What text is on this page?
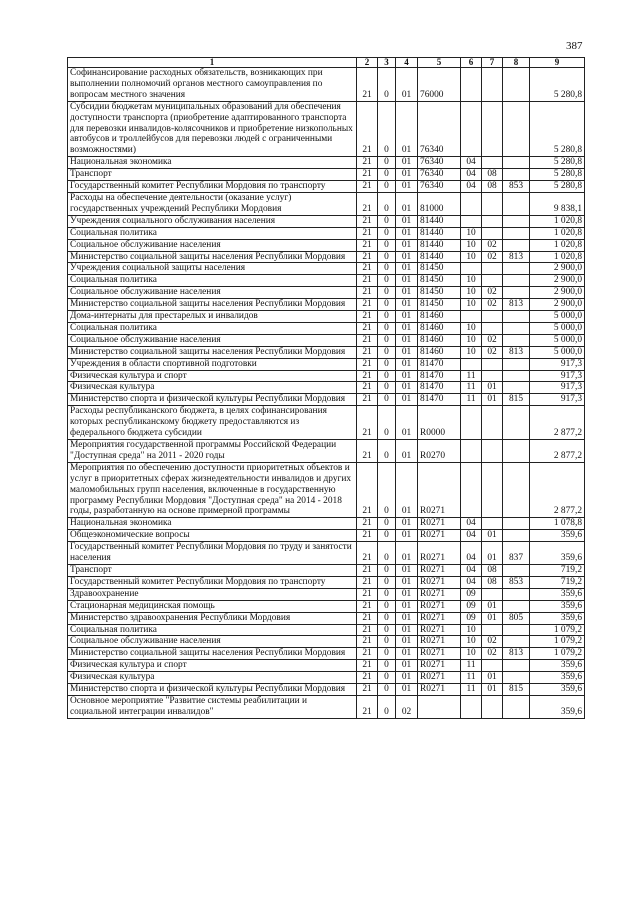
387
1	2	3	4	5	6	7	8	9
Софинансирование расходных обязательств, возникающих при выполнении полномочий органов местного самоуправления по вопросам местного значения	21	0	01	76000				5 280,8
Субсидии бюджетам муниципальных образований для обеспечения доступности транспорта (приобретение адаптированного транспорта для перевозки инвалидов-колясочников и приобретение низкопольных автобусов и троллейбусов для перевозки людей с ограниченными возможностями)	21	0	01	76340				5 280,8
Национальная экономика	21	0	01	76340	04			5 280,8
Транспорт	21	0	01	76340	04	08		5 280,8
Государственный комитет Республики Мордовия по транспорту	21	0	01	76340	04	08	853	5 280,8
Расходы на обеспечение деятельности (оказание услуг) государственных учреждений Республики Мордовия	21	0	01	81000				9 838,1
Учреждения социального обслуживания населения	21	0	01	81440				1 020,8
Социальная политика	21	0	01	81440	10			1 020,8
Социальное обслуживание населения	21	0	01	81440	10	02		1 020,8
Министерство социальной защиты населения Республики Мордовия	21	0	01	81440	10	02	813	1 020,8
Учреждения социальной защиты населения	21	0	01	81450				2 900,0
Социальная политика	21	0	01	81450	10			2 900,0
Социальное обслуживание населения	21	0	01	81450	10	02		2 900,0
Министерство социальной защиты населения Республики Мордовия	21	0	01	81450	10	02	813	2 900,0
Дома-интернаты для престарелых и инвалидов	21	0	01	81460				5 000,0
Социальная политика	21	0	01	81460	10			5 000,0
Социальное обслуживание населения	21	0	01	81460	10	02		5 000,0
Министерство социальной защиты населения Республики Мордовия	21	0	01	81460	10	02	813	5 000,0
Учреждения в области спортивной подготовки	21	0	01	81470				917,3
Физическая культура и спорт	21	0	01	81470	11			917,3
Физическая культура	21	0	01	81470	11	01		917,3
Министерство спорта и физической культуры Республики Мордовия	21	0	01	81470	11	01	815	917,3
Расходы республиканского бюджета, в целях софинансирования которых республиканскому бюджету предоставляются из федерального бюджета субсидии	21	0	01	R0000				2 877,2
Мероприятия государственной программы Российской Федерации "Доступная среда" на 2011 - 2020 годы	21	0	01	R0270				2 877,2
Мероприятия по обеспечению доступности приоритетных объектов и услуг в приоритетных сферах жизнедеятельности инвалидов и других маломобильных групп населения, включенные в государственную программу Республики Мордовия "Доступная среда" на 2014 - 2018 годы, разработанную на основе примерной программы	21	0	01	R0271				2 877,2
Национальная экономика	21	0	01	R0271	04			1 078,8
Общеэкономические вопросы	21	0	01	R0271	04	01		359,6
Государственный комитет Республики Мордовия по труду и занятости населения	21	0	01	R0271	04	01	837	359,6
Транспорт	21	0	01	R0271	04	08		719,2
Государственный комитет Республики Мордовия по транспорту	21	0	01	R0271	04	08	853	719,2
Здравоохранение	21	0	01	R0271	09			359,6
Стационарная медицинская помощь	21	0	01	R0271	09	01		359,6
Министерство здравоохранения Республики Мордовия	21	0	01	R0271	09	01	805	359,6
Социальная политика	21	0	01	R0271	10			1 079,2
Социальное обслуживание населения	21	0	01	R0271	10	02		1 079,2
Министерство социальной защиты населения Республики Мордовия	21	0	01	R0271	10	02	813	1 079,2
Физическая культура и спорт	21	0	01	R0271	11			359,6
Физическая культура	21	0	01	R0271	11	01		359,6
Министерство спорта и физической культуры Республики Мордовия	21	0	01	R0271	11	01	815	359,6
Основное мероприятие "Развитие системы реабилитации и социальной интеграции инвалидов"	21	0	02					359,6
